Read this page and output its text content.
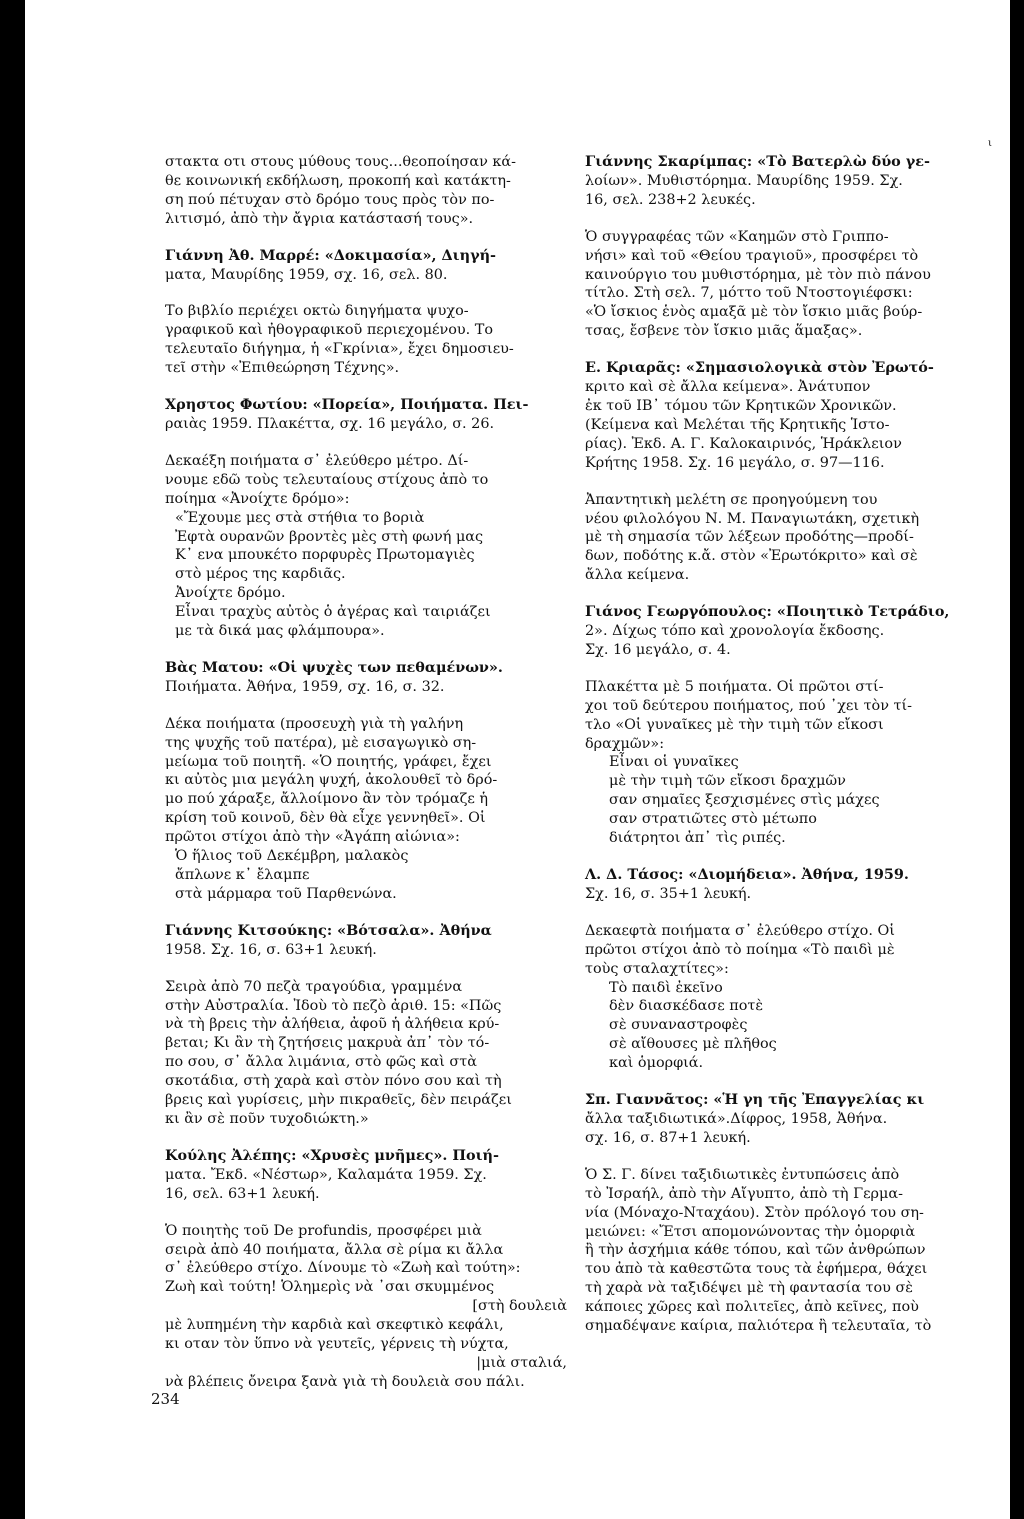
ι

στακτα οτι στους μύθους τους...θεοποίησαν κά-

θε κοινωνική εκδήλωση, προκοπή καὶ κατάκτη-

ση πού πέτυχαν στὸ δρόμο τους πρὸς τὸν πο-

λιτισμό, ἀπὸ τὴν ἄγρια κατάστασή τους».

Γιάννη Ἀθ. Μαρρέ: «Δοκιμασία», Διηγή-

ματα, Μαυρίδης 1959, σχ. 16, σελ. 80.

Το βιβλίο περιέχει οκτὼ διηγήματα ψυχο-

γραφικοῦ καὶ ἠθογραφικοῦ περιεχομένου. Το

τελευταῖο διήγημα, ἡ «Γκρίνια», ἔχει δημοσιευ-

τεῖ στὴν «Ἐπιθεώρηση Τέχνης».

Χρηστος Φωτίου: «Πορεία», Ποιήματα. Πει-

ραιὰς 1959. Πλακέττα, σχ. 16 μεγάλο, σ. 26.

Δεκαέξη ποιήματα σ᾽ ἐλεύθερο μέτρο. Δί-

νουμε εδῶ τοὺς τελευταίους στίχους ἀπὸ το

ποίημα «Ἀνοίχτε δρόμο»:

«Ἔχουμε μες στὰ στήθια το βοριὰ

Ἐφτὰ ουρανῶν βροντὲς μὲς στὴ φωνή μας

Κ᾽ ενα μπουκέτο πορφυρὲς Πρωτομαγιὲς

στὸ μέρος της καρδιᾶς.

Ἀνοίχτε δρόμο.

Εἶναι τραχὺς αὐτὸς ὁ ἀγέρας καὶ ταιριάζει

με τὰ δικά μας φλάμπουρα».

Βὰς Ματου: «Οἱ ψυχὲς των πεθαμένων».

Ποιήματα. Ἀθήνα, 1959, σχ. 16, σ. 32.

Δέκα ποιήματα (προσευχὴ γιὰ τὴ γαλήνη

της ψυχῆς τοῦ πατέρα), μὲ εισαγωγικὸ ση-

μείωμα τοῦ ποιητῆ. «Ὁ ποιητής, γράφει, ἔχει

κι αὐτὸς μια μεγάλη ψυχή, ἀκολουθεῖ τὸ δρό-

μο πού χάραξε, ἄλλοίμονο ἂν τὸν τρόμαζε ἡ

κρίση τοῦ κοινοῦ, δὲν θὰ εἶχε γεννηθεῖ». Οἱ

πρῶτοι στίχοι ἀπὸ τὴν «Ἀγάπη αἰώνια»:

Ὁ ἥλιος τοῦ Δεκέμβρη, μαλακὸς

ἄπλωνε κ᾽ ἔλαμπε

στὰ μάρμαρα τοῦ Παρθενώνα.

Γιάννης Κιτσούκης: «Βότσαλα». Ἀθήνα

1958. Σχ. 16, σ. 63+1 λευκή.

Σειρὰ ἀπὸ 70 πεζὰ τραγούδια, γραμμένα

στὴν Αὐστραλία. Ἰδοὺ τὸ πεζὸ ἀριθ. 15: «Πῶς

νὰ τὴ βρεις τὴν ἀλήθεια, ἀφοῦ ἡ ἀλήθεια κρύ-

βεται; Κι ἂν τὴ ζητήσεις μακρυὰ ἀπ᾽ τὸν τό-

πο σου, σ᾽ ἄλλα λιμάνια, στὸ φῶς καὶ στὰ

σκοτάδια, στὴ χαρὰ καὶ στὸν πόνο σου καὶ τὴ

βρεις καὶ γυρίσεις, μὴν πικραθεῖς, δὲν πειράζει

κι ἂν σὲ ποῦν τυχοδιώκτη.»

Κούλης Ἀλέπης: «Χρυσὲς μνῆμες». Ποιή-

ματα. Ἔκδ. «Νέστωρ», Καλαμάτα 1959. Σχ.

16, σελ. 63+1 λευκή.

Ὁ ποιητὴς τοῦ De profundis, προσφέρει μιὰ

σειρὰ ἀπὸ 40 ποιήματα, ἄλλα σὲ ρίμα κι ἄλλα

σ᾽ ἐλεύθερο στίχο. Δίνουμε τὸ «Ζωὴ καὶ τούτη»:

Ζωὴ καὶ τούτη! Ὁλημερὶς νὰ ᾽σαι σκυμμένος

[στὴ δουλειὰ

μὲ λυπημένη τὴν καρδιὰ καὶ σκεφτικὸ κεφάλι,

κι οταν τὸν ὕπνο νὰ γευτεῖς, γέρνεις τὴ νύχτα,

|μιὰ σταλιά,

νὰ βλέπεις ὄνειρα ξανὰ γιὰ τὴ δουλειὰ σου πάλι.

Γιάννης Σκαρίμπας: «Τὸ Βατερλὼ δύο γε-

λοίων». Μυθιστόρημα. Μαυρίδης 1959. Σχ.

16, σελ. 238+2 λευκές.

Ὁ συγγραφέας τῶν «Καημῶν στὸ Γριππο-

νήσι» καὶ τοῦ «Θείου τραγιοῦ», προσφέρει τὸ

καινούργιο του μυθιστόρημα, μὲ τὸν πιὸ πάνου

τίτλο. Στὴ σελ. 7, μόττο τοῦ Ντοστογιέφσκι:

«Ὁ ἴσκιος ἑνὸς αμαξᾶ μὲ τὸν ἴσκιο μιᾶς βούρ-

τσας, ἔσβενε τὸν ἴσκιο μιᾶς ἅμαξας».

Ε. Κριαρᾶς: «Σημασιολογικὰ στὸν Ἐρωτό-

κριτο καὶ σὲ ἄλλα κείμενα». Ἀνάτυπον

ἐκ τοῦ ΙΒ᾽ τόμου τῶν Κρητικῶν Χρονικῶν.

(Κείμενα καὶ Μελέται τῆς Κρητικῆς Ἱστο-

ρίας). Ἐκδ. Α. Γ. Καλοκαιρινός, Ἡράκλειον

Κρήτης 1958. Σχ. 16 μεγάλο, σ. 97—116.

Ἀπαντητικὴ μελέτη σε προηγούμενη του

νέου φιλολόγου Ν. Μ. Παναγιωτάκη, σχετικὴ

μὲ τὴ σημασία τῶν λέξεων προδότης—προδί-

δων, ποδότης κ.ἄ. στὸν «Ἐρωτόκριτο» καὶ σὲ

ἄλλα κείμενα.

Γιάνος Γεωργόπουλος: «Ποιητικὸ Τετράδιο,

2». Δίχως τόπο καὶ χρονολογία ἔκδοσης.

Σχ. 16 μεγάλο, σ. 4.

Πλακέττα μὲ 5 ποιήματα. Οἱ πρῶτοι στί-

χοι τοῦ δεύτερου ποιήματος, πού ᾽χει τὸν τί-

τλο «Οἱ γυναῖκες μὲ τὴν τιμὴ τῶν εἴκοσι

δραχμῶν»:

Εἶναι οἱ γυναῖκες

μὲ τὴν τιμὴ τῶν εἴκοσι δραχμῶν

σαν σημαῖες ξεσχισμένες στὶς μάχες

σαν στρατιῶτες στὸ μέτωπο

διάτρητοι ἀπ᾽ τὶς ριπές.

Λ. Δ. Τάσος: «Διομήδεια». Ἀθήνα, 1959.

Σχ. 16, σ. 35+1 λευκή.

Δεκαεφτὰ ποιήματα σ᾽ ἐλεύθερο στίχο. Οἱ

πρῶτοι στίχοι ἀπὸ τὸ ποίημα «Τὸ παιδὶ μὲ

τοὺς σταλαχτίτες»:

Τὸ παιδὶ ἐκεῖνο

δὲν διασκέδασε ποτὲ

σὲ συναναστροφὲς

σὲ αἴθουσες μὲ πλῆθος

καὶ ὁμορφιά.

Σπ. Γιαννᾶτος: «Ἡ γη τῆς Ἐπαγγελίας κι

ἄλλα ταξιδιωτικά».Δίφρος, 1958, Ἀθήνα.

σχ. 16, σ. 87+1 λευκή.

Ὁ Σ. Γ. δίνει ταξιδιωτικὲς ἐντυπώσεις ἀπὸ

τὸ Ἰσραήλ, ἀπὸ τὴν Αἴγυπτο, ἀπὸ τὴ Γερμα-

νία (Μόναχο-Νταχάου). Στὸν πρόλογό του ση-

μειώνει: «Ἔτσι απομονώνοντας τὴν ὀμορφιὰ

ἢ τὴν ἀσχήμια κάθε τόπου, καὶ τῶν ἀνθρώπων

του ἀπὸ τὰ καθεστῶτα τους τὰ ἐφήμερα, θάχει

τὴ χαρὰ νὰ ταξιδέψει μὲ τὴ φαντασία του σὲ

κάποιες χῶρες καὶ πολιτεῖες, ἀπὸ κεῖνες, ποὺ

σημαδέψανε καίρια, παλιότερα ἢ τελευταῖα, τὸ

234
